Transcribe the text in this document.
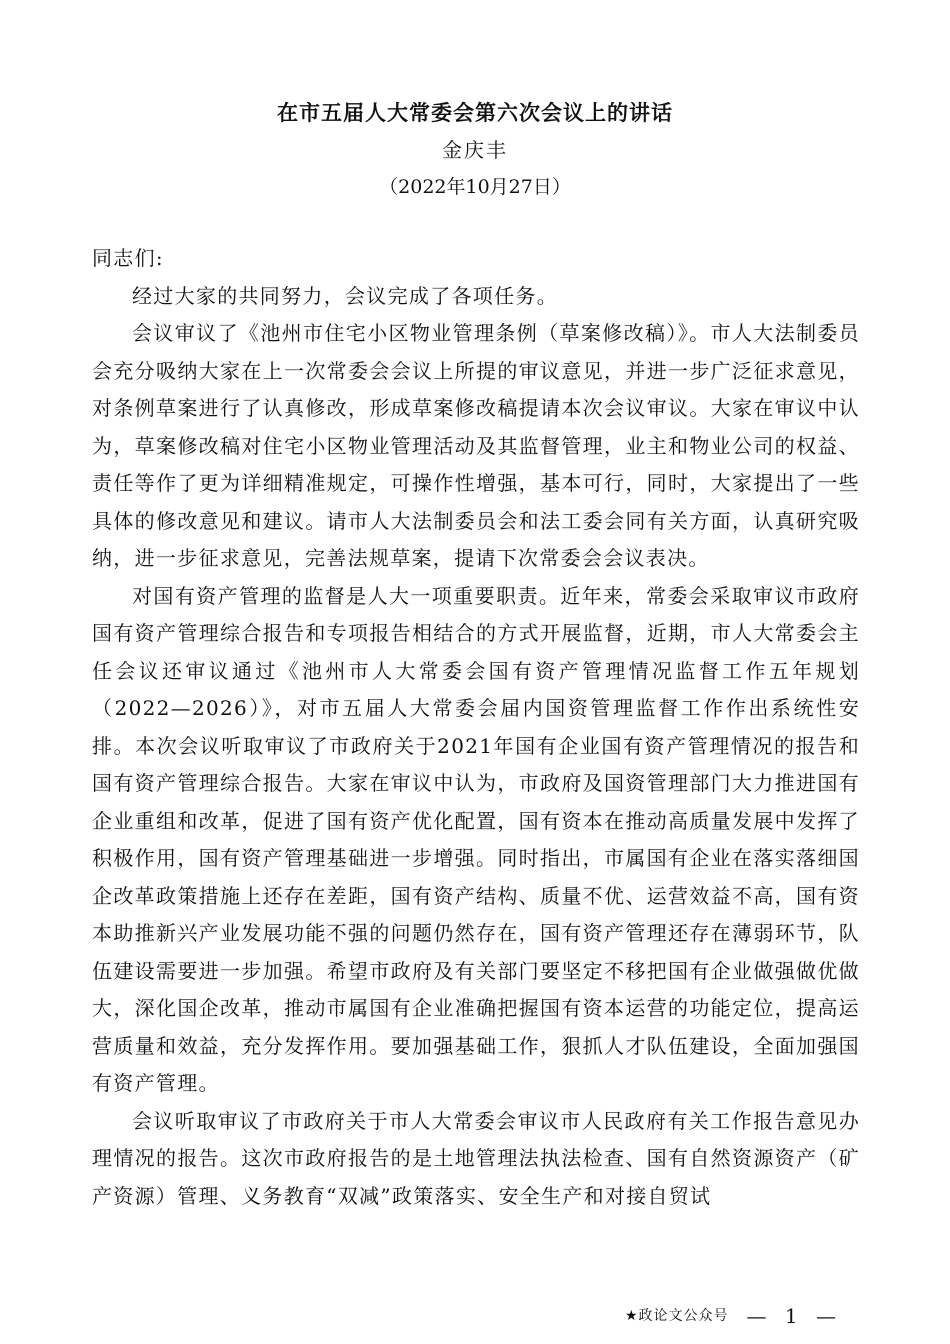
在市五届人大常委会第六次会议上的讲话
金庆丰
（2022年10月27日）

同志们:

经过大家的共同努力，会议完成了各项任务。

会议审议了《池州市住宅小区物业管理条例（草案修改稿）》。市人大法制委员会充分吸纳大家在上一次常委会会议上所提的审议意见，并进一步广泛征求意见，对条例草案进行了认真修改，形成草案修改稿提请本次会议审议。大家在审议中认为，草案修改稿对住宅小区物业管理活动及其监督管理，业主和物业公司的权益、责任等作了更为详细精准规定，可操作性增强，基本可行，同时，大家提出了一些具体的修改意见和建议。请市人大法制委员会和法工委会同有关方面，认真研究吸纳，进一步征求意见，完善法规草案，提请下次常委会会议表决。

对国有资产管理的监督是人大一项重要职责。近年来，常委会采取审议市政府国有资产管理综合报告和专项报告相结合的方式开展监督，近期，市人大常委会主任会议还审议通过《池州市人大常委会国有资产管理情况监督工作五年规划（2022—2026）》，对市五届人大常委会届内国资管理监督工作作出系统性安排。本次会议听取审议了市政府关于2021年国有企业国有资产管理情况的报告和国有资产管理综合报告。大家在审议中认为，市政府及国资管理部门大力推进国有企业重组和改革，促进了国有资产优化配置，国有资本在推动高质量发展中发挥了积极作用，国有资产管理基础进一步增强。同时指出，市属国有企业在落实落细国企改革政策措施上还存在差距，国有资产结构、质量不优、运营效益不高，国有资本助推新兴产业发展功能不强的问题仍然存在，国有资产管理还存在薄弱环节，队伍建设需要进一步加强。希望市政府及有关部门要坚定不移把国有企业做强做优做大，深化国企改革，推动市属国有企业准确把握国有资本运营的功能定位，提高运营质量和效益，充分发挥作用。要加强基础工作，狠抓人才队伍建设，全面加强国有资产管理。

会议听取审议了市政府关于市人大常委会审议市人民政府有关工作报告意见办理情况的报告。这次市政府报告的是土地管理法执法检查、国有自然资源资产（矿产资源）管理、义务教育“双减”政策落实、安全生产和对接自贸试

★政论文公众号 — 1 —
